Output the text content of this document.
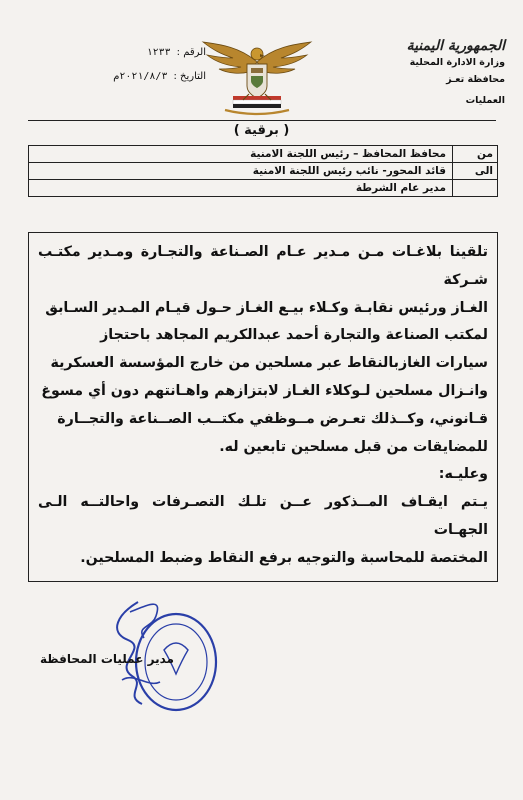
الجمهورية اليمنية
وزارة الادارة المحلية
محافظة تعـز
العمليات
الرقم :
١٢٣٣
التاريخ :
٢٠٢١/٨/٣م
( برقية )
من
محافظ المحافظ – رئيس اللجنة الامنية
الى
قائد المحور- نائب رئيس اللجنة الامنية
مدير عام الشرطة

تلقينا بلاغـات مـن مـدير عـام الصـناعة والتجـارة ومـدير مكتـب شـركة

الغـاز ورئيس نقابـة وكـلاء بيـع الغـاز حـول قيـام المـدير السـابق

لمكتب الصناعة والتجارة أحمد عبدالكريم المجاهد باحتجاز

سيارات الغازبالنقاط عبر مسلحين من خارج المؤسسة العسكرية

وانـزال مسلحين لـوكلاء الغـاز لابتزازهم واهـانتهم دون أي مسوغ

قـانوني، وكــذلك تعـرض مــوظفي مكتــب الصــناعة والتجــارة

للمضايقات من قبل مسلحين تابعين له.

وعليـه:

يـتم ايقـاف المــذكور عــن تلـك التصـرفات واحالتــه الـى الجهـات

المختصة للمحاسبة والتوجيه برفع النقاط وضبط المسلحين.

مدير عمليات المحافظة
